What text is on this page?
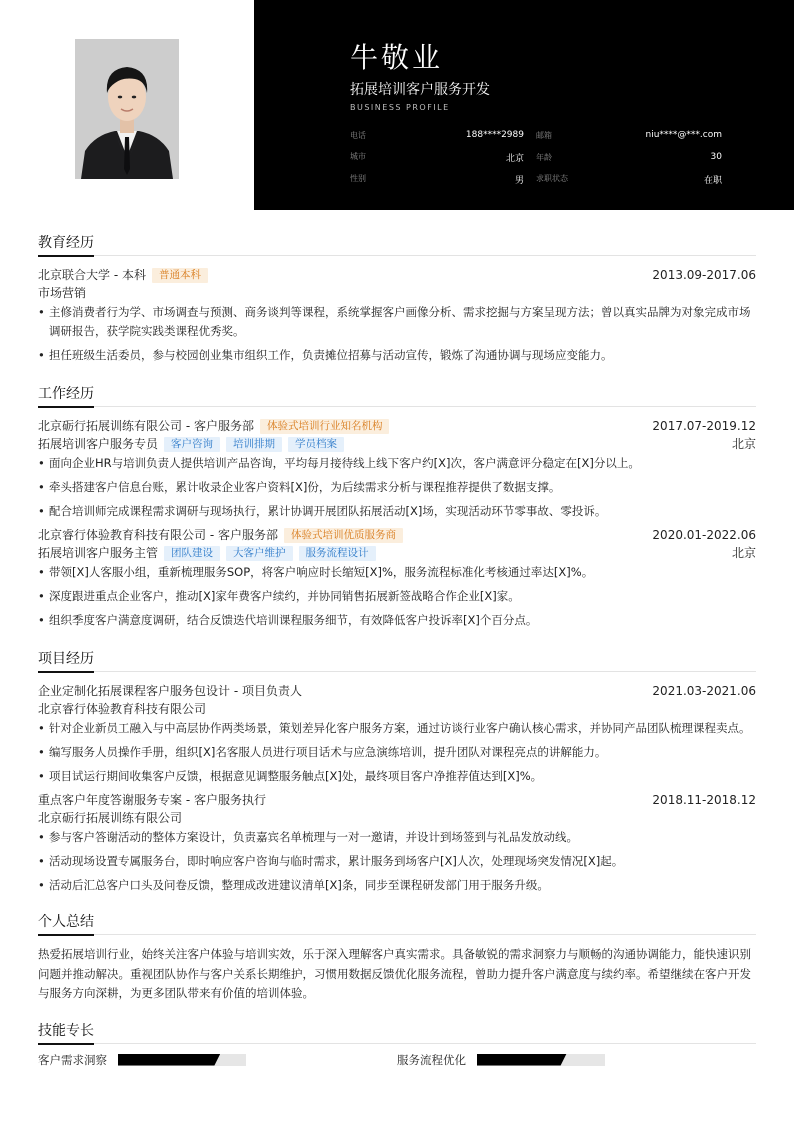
牛敬业
拓展培训客户服务开发
BUSINESS PROFILE
电话	188****2989 邮箱	niu****@***.com
城市	北京 年龄	30
性别	男 求职状态	在职
教育经历
北京联合大学 - 本科	普通本科	2013.09-2017.06
市场营销
• 主修消费者行为学、市场调查与预测、商务谈判等课程，系统掌握客户画像分析、需求挖掘与方案呈现方法；曾以真实品牌为对象完成市场调研报告，获学院实践类课程优秀奖。
• 担任班级生活委员，参与校园创业集市组织工作，负责摊位招募与活动宣传，锻炼了沟通协调与现场应变能力。
工作经历
北京砺行拓展训练有限公司 - 客户服务部	体验式培训行业知名机构	2017.07-2019.12
拓展培训客户服务专员	客户咨询	培训排期	学员档案	北京
• 面向企业HR与培训负责人提供培训产品咨询，平均每月接待线上线下客户约[X]次，客户满意评分稳定在[X]分以上。
• 牵头搭建客户信息台账，累计收录企业客户资料[X]份，为后续需求分析与课程推荐提供了数据支撑。
• 配合培训师完成课程需求调研与现场执行，累计协调开展团队拓展活动[X]场，实现活动环节零事故、零投诉。
北京睿行体验教育科技有限公司 - 客户服务部	体验式培训优质服务商	2020.01-2022.06
拓展培训客户服务主管	团队建设	大客户维护	服务流程设计	北京
• 带领[X]人客服小组，重新梳理服务SOP，将客户响应时长缩短[X]%，服务流程标准化考核通过率达[X]%。
• 深度跟进重点企业客户，推动[X]家年费客户续约，并协同销售拓展新签战略合作企业[X]家。
• 组织季度客户满意度调研，结合反馈迭代培训课程服务细节，有效降低客户投诉率[X]个百分点。
项目经历
企业定制化拓展课程客户服务包设计 - 项目负责人	2021.03-2021.06
北京睿行体验教育科技有限公司
• 针对企业新员工融入与中高层协作两类场景，策划差异化客户服务方案，通过访谈行业客户确认核心需求，并协同产品团队梳理课程卖点。
• 编写服务人员操作手册，组织[X]名客服人员进行项目话术与应急演练培训，提升团队对课程亮点的讲解能力。
• 项目试运行期间收集客户反馈，根据意见调整服务触点[X]处，最终项目客户净推荐值达到[X]%。
重点客户年度答谢服务专案 - 客户服务执行	2018.11-2018.12
北京砺行拓展训练有限公司
• 参与客户答谢活动的整体方案设计，负责嘉宾名单梳理与一对一邀请，并设计到场签到与礼品发放动线。
• 活动现场设置专属服务台，即时响应客户咨询与临时需求，累计服务到场客户[X]人次，处理现场突发情况[X]起。
• 活动后汇总客户口头及问卷反馈，整理成改进建议清单[X]条，同步至课程研发部门用于服务升级。
个人总结
热爱拓展培训行业，始终关注客户体验与培训实效，乐于深入理解客户真实需求。具备敏锐的需求洞察力与顺畅的沟通协调能力，能快速识别问题并推动解决。重视团队协作与客户关系长期维护，习惯用数据反馈优化服务流程，曾助力提升客户满意度与续约率。希望继续在客户开发与服务方向深耕，为更多团队带来有价值的培训体验。
技能专长
客户需求洞察	服务流程优化
